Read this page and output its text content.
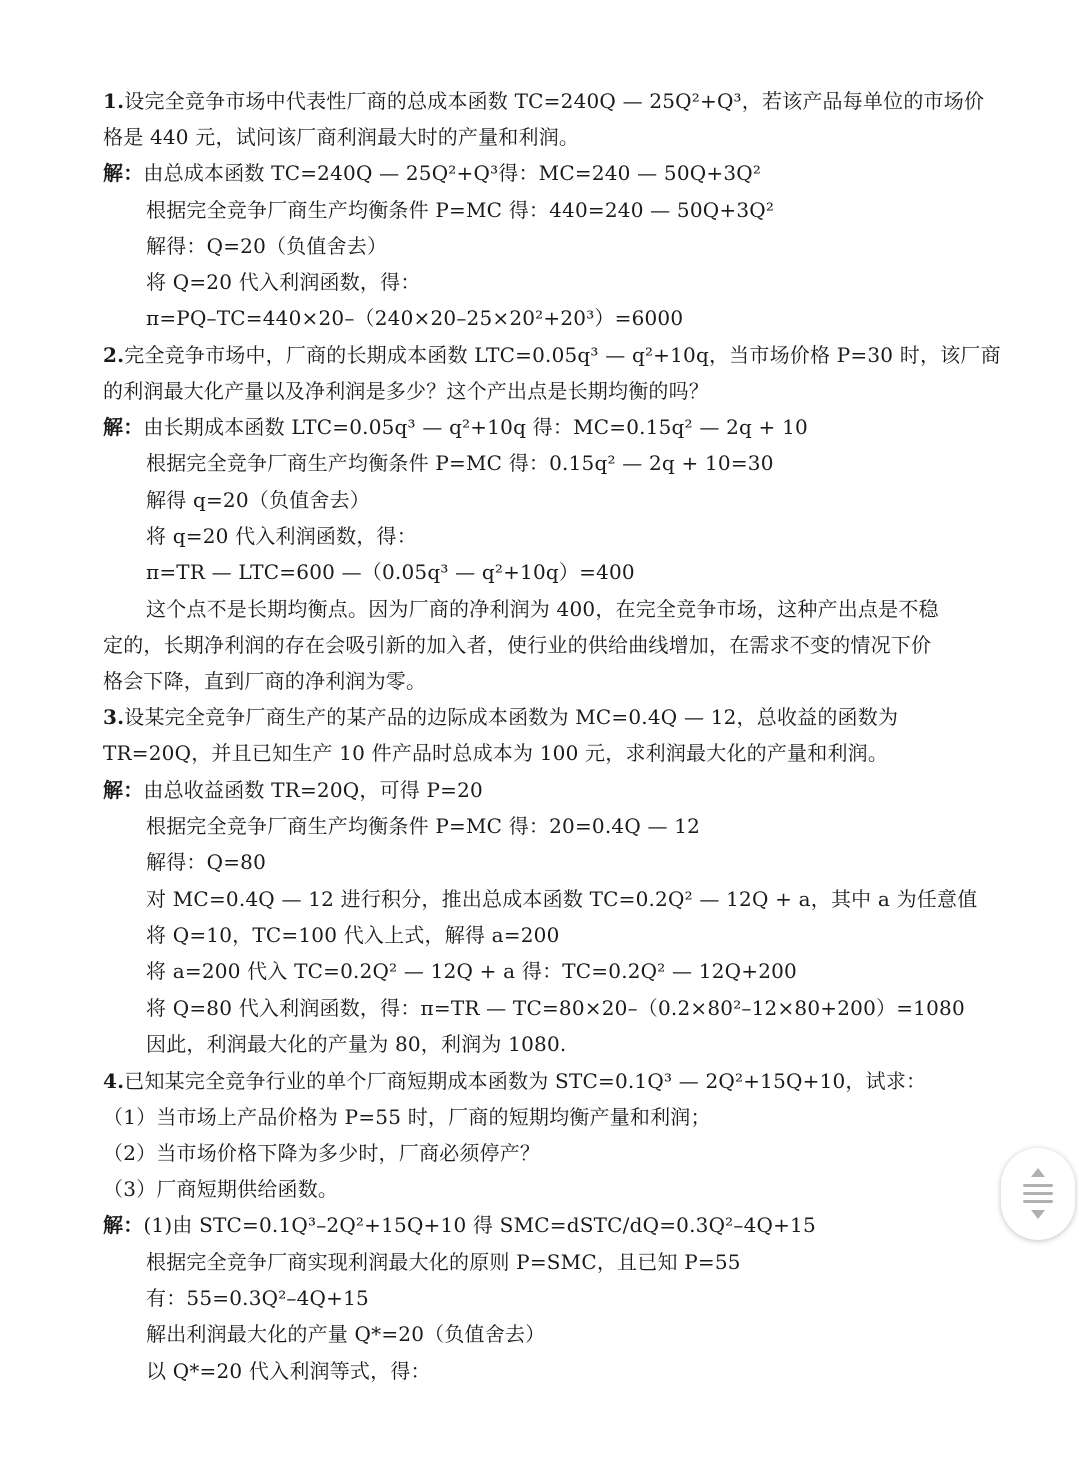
1.设完全竞争市场中代表性厂商的总成本函数 TC=240Q — 25Q²+Q³，若该产品每单位的市场价
格是 440 元，试问该厂商利润最大时的产量和利润。
解：由总成本函数 TC=240Q — 25Q²+Q³得：MC=240 — 50Q+3Q²
根据完全竞争厂商生产均衡条件 P=MC 得：440=240 — 50Q+3Q²
解得：Q=20（负值舍去）
将 Q=20 代入利润函数，得：
π=PQ–TC=440×20–（240×20–25×20²+20³）=6000
2.完全竞争市场中，厂商的长期成本函数 LTC=0.05q³ — q²+10q，当市场价格 P=30 时，该厂商
的利润最大化产量以及净利润是多少？这个产出点是长期均衡的吗？
解：由长期成本函数 LTC=0.05q³ — q²+10q 得：MC=0.15q² — 2q + 10
根据完全竞争厂商生产均衡条件 P=MC 得：0.15q² — 2q + 10=30
解得 q=20（负值舍去）
将 q=20 代入利润函数，得：
π=TR — LTC=600 —（0.05q³ — q²+10q）=400
这个点不是长期均衡点。因为厂商的净利润为 400，在完全竞争市场，这种产出点是不稳
定的，长期净利润的存在会吸引新的加入者，使行业的供给曲线增加，在需求不变的情况下价
格会下降，直到厂商的净利润为零。
3.设某完全竞争厂商生产的某产品的边际成本函数为 MC=0.4Q — 12，总收益的函数为
TR=20Q，并且已知生产 10 件产品时总成本为 100 元，求利润最大化的产量和利润。
解：由总收益函数 TR=20Q，可得 P=20
根据完全竞争厂商生产均衡条件 P=MC 得：20=0.4Q — 12
解得：Q=80
对 MC=0.4Q — 12 进行积分，推出总成本函数 TC=0.2Q² — 12Q + a，其中 a 为任意值
将 Q=10，TC=100 代入上式，解得 a=200
将 a=200 代入 TC=0.2Q² — 12Q + a 得：TC=0.2Q² — 12Q+200
将 Q=80 代入利润函数，得：π=TR — TC=80×20–（0.2×80²–12×80+200）=1080
因此，利润最大化的产量为 80，利润为 1080.
4.已知某完全竞争行业的单个厂商短期成本函数为 STC=0.1Q³ — 2Q²+15Q+10，试求：
（1）当市场上产品价格为 P=55 时，厂商的短期均衡产量和利润；
（2）当市场价格下降为多少时，厂商必须停产？
（3）厂商短期供给函数。
解：(1)由 STC=0.1Q³–2Q²+15Q+10 得 SMC=dSTC/dQ=0.3Q²–4Q+15
根据完全竞争厂商实现利润最大化的原则 P=SMC，且已知 P=55
有：55=0.3Q²–4Q+15
解出利润最大化的产量 Q*=20（负值舍去）
以 Q*=20 代入利润等式，得：
